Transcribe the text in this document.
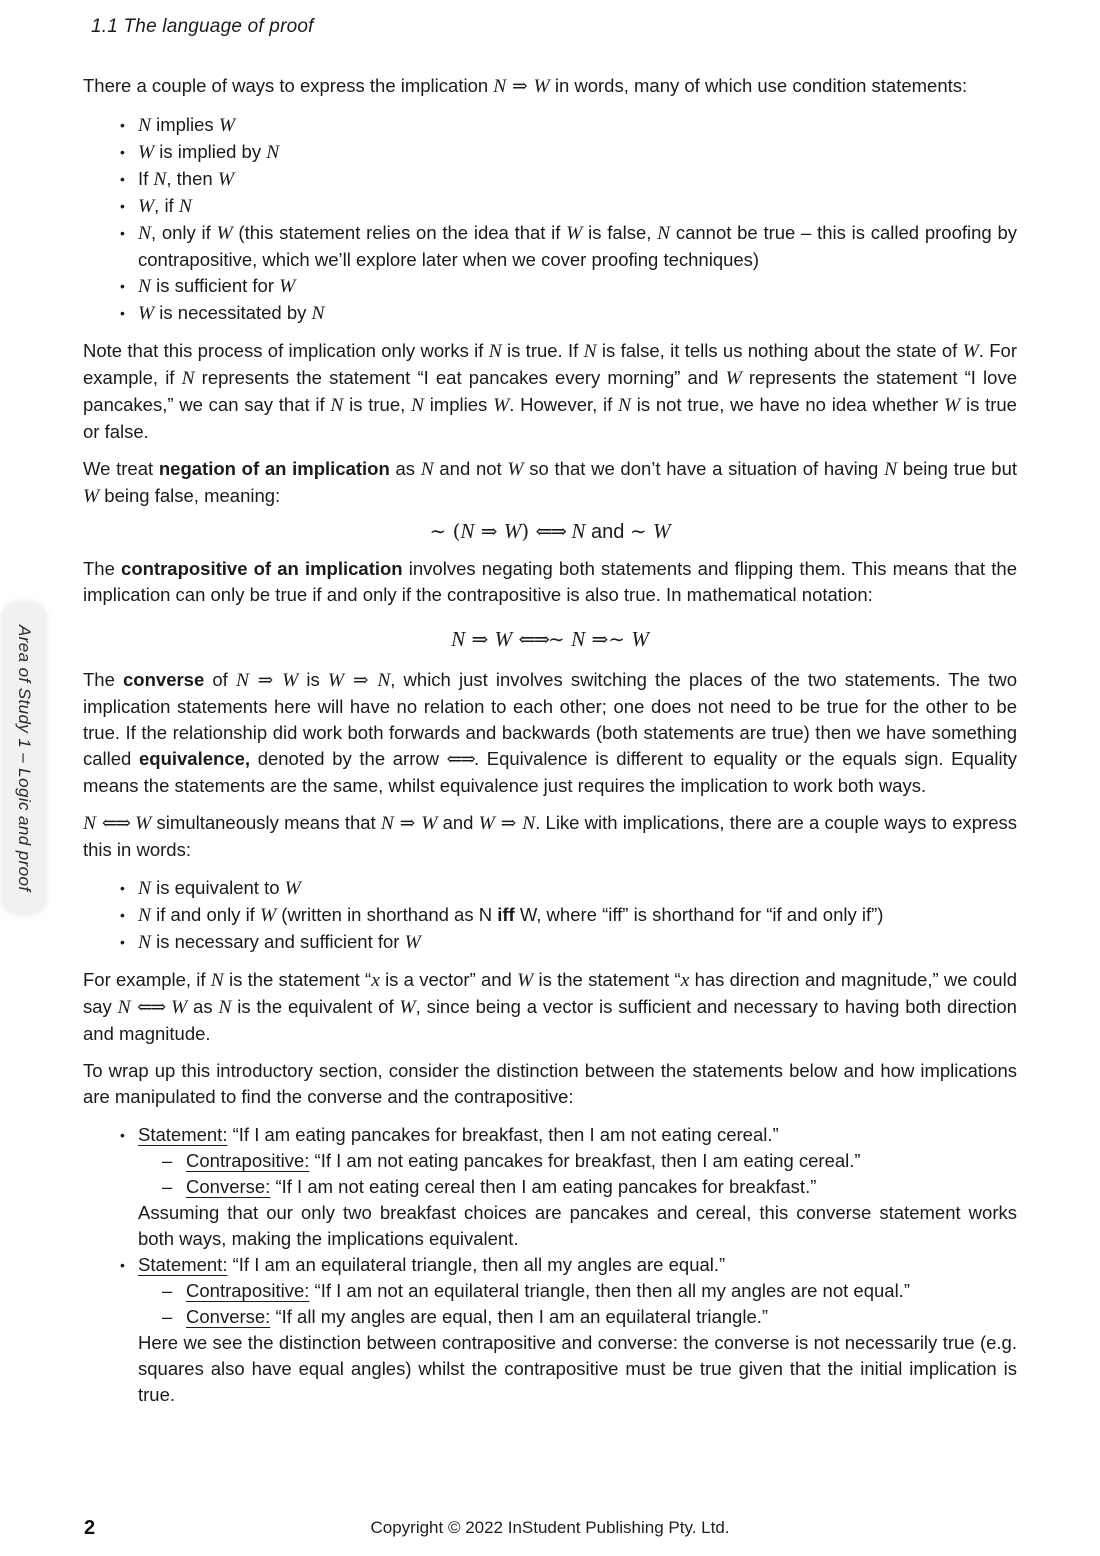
1.1 The language of proof
Area of Study 1 – Logic and proof

There a couple of ways to express the implication N ⇒ W in words, many of which use condition statements:

• N implies W
• W is implied by N
• If N, then W
• W, if N
• N, only if W (this statement relies on the idea that if W is false, N cannot be true – this is called proofing by contrapositive, which we’ll explore later when we cover proofing techniques)
• N is sufficient for W
• W is necessitated by N

Note that this process of implication only works if N is true. If N is false, it tells us nothing about the state of W. For example, if N represents the statement “I eat pancakes every morning” and W represents the statement “I love pancakes,” we can say that if N is true, N implies W. However, if N is not true, we have no idea whether W is true or false.

We treat negation of an implication as N and not W so that we don’t have a situation of having N being true but W being false, meaning:

∼ (N ⇒ W) ⇐⇒ N and ∼ W

The contrapositive of an implication involves negating both statements and flipping them. This means that the implication can only be true if and only if the contrapositive is also true. In mathematical notation:

N ⇒ W ⇐⇒∼ N ⇒∼ W

The converse of N ⇒ W is W ⇒ N, which just involves switching the places of the two statements. The two implication statements here will have no relation to each other; one does not need to be true for the other to be true. If the relationship did work both forwards and backwards (both statements are true) then we have something called equivalence, denoted by the arrow ⇐⇒. Equivalence is different to equality or the equals sign. Equality means the statements are the same, whilst equivalence just requires the implication to work both ways.

N ⇐⇒ W simultaneously means that N ⇒ W and W ⇒ N. Like with implications, there are a couple ways to express this in words:

• N is equivalent to W
• N if and only if W (written in shorthand as N iff W, where “iff” is shorthand for “if and only if”)
• N is necessary and sufficient for W

For example, if N is the statement “x is a vector” and W is the statement “x has direction and magnitude,” we could say N ⇐⇒ W as N is the equivalent of W, since being a vector is sufficient and necessary to having both direction and magnitude.

To wrap up this introductory section, consider the distinction between the statements below and how implications are manipulated to find the converse and the contrapositive:

• Statement: “If I am eating pancakes for breakfast, then I am not eating cereal.”
– Contrapositive: “If I am not eating pancakes for breakfast, then I am eating cereal.”
– Converse: “If I am not eating cereal then I am eating pancakes for breakfast.”
Assuming that our only two breakfast choices are pancakes and cereal, this converse statement works both ways, making the implications equivalent.
• Statement: “If I am an equilateral triangle, then all my angles are equal.”
– Contrapositive: “If I am not an equilateral triangle, then then all my angles are not equal.”
– Converse: “If all my angles are equal, then I am an equilateral triangle.”
Here we see the distinction between contrapositive and converse: the converse is not necessarily true (e.g. squares also have equal angles) whilst the contrapositive must be true given that the initial implication is true.
2	Copyright © 2022 InStudent Publishing Pty. Ltd.
